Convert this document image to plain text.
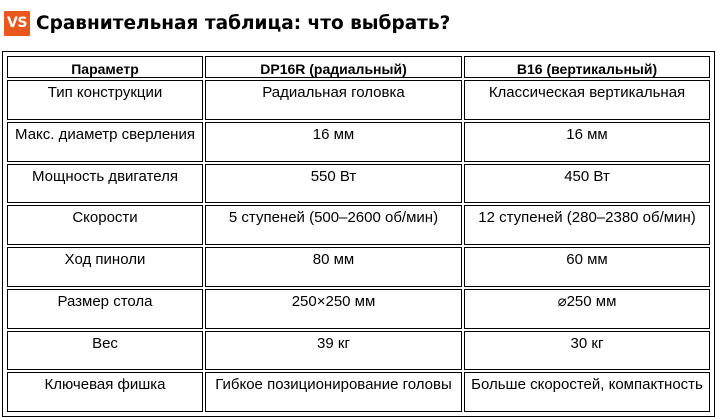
VS Сравнительная таблица: что выбрать?
Параметр	DP16R (радиальный)	B16 (вертикальный)
Тип конструкции	Радиальная головка	Классическая вертикальная
Макс. диаметр сверления	16 мм	16 мм
Мощность двигателя	550 Вт	450 Вт
Скорости	5 ступеней (500–2600 об/мин)	12 ступеней (280–2380 об/мин)
Ход пиноли	80 мм	60 мм
Размер стола	250×250 мм	⌀250 мм
Вес	39 кг	30 кг
Ключевая фишка	Гибкое позиционирование головы	Больше скоростей, компактность
